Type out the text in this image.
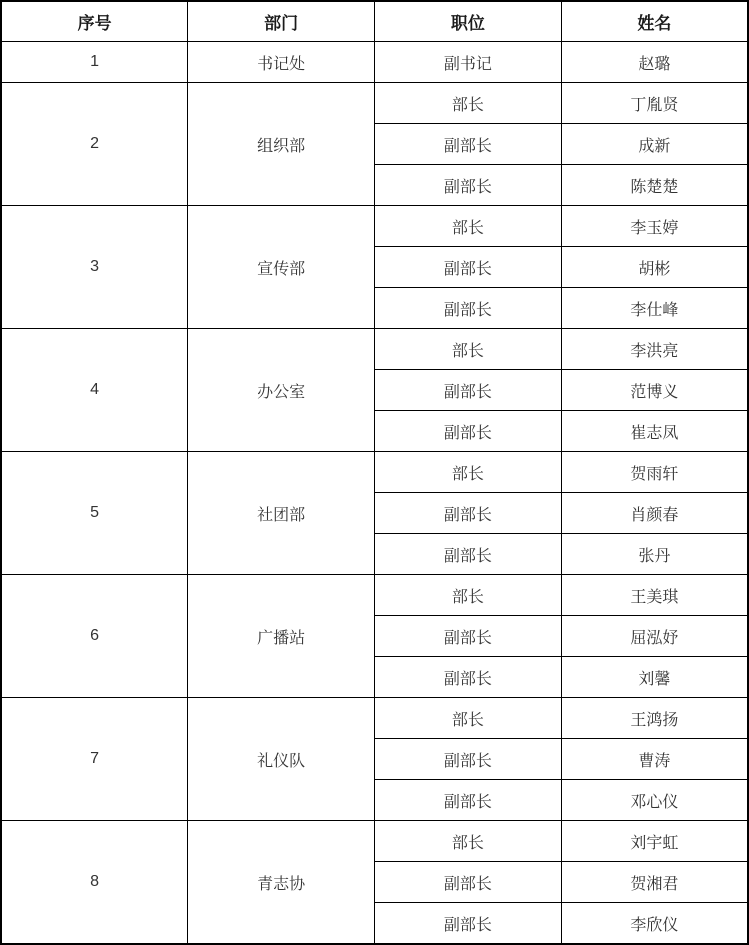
序号	部门	职位	姓名
1	书记处	副书记	赵璐
2	组织部	部长	丁胤贤
		副部长	成新
		副部长	陈楚楚
3	宣传部	部长	李玉婷
		副部长	胡彬
		副部长	李仕峰
4	办公室	部长	李洪亮
		副部长	范博义
		副部长	崔志凤
5	社团部	部长	贺雨轩
		副部长	肖颜春
		副部长	张丹
6	广播站	部长	王美琪
		副部长	屈泓妤
		副部长	刘馨
7	礼仪队	部长	王鸿扬
		副部长	曹涛
		副部长	邓心仪
8	青志协	部长	刘宇虹
		副部长	贺湘君
		副部长	李欣仪
